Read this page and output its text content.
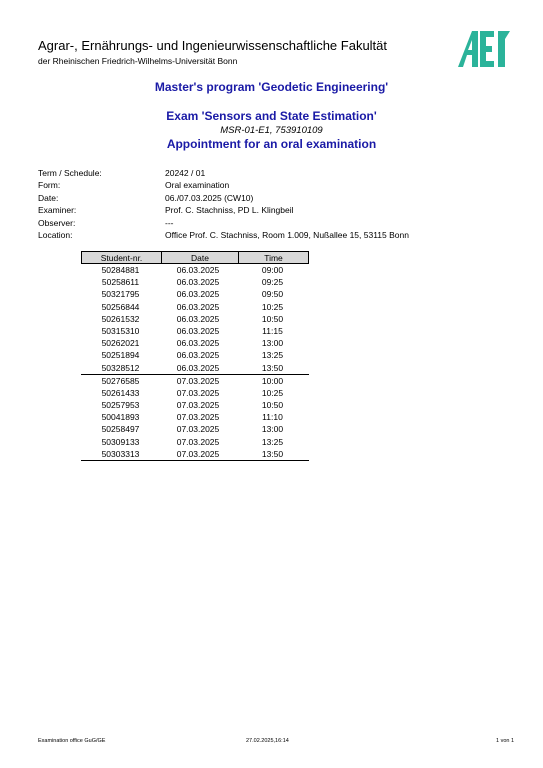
Agrar-, Ernährungs- und Ingenieurwissenschaftliche Fakultät
der Rheinischen Friedrich-Wilhelms-Universität Bonn
Master's program 'Geodetic Engineering'
Exam 'Sensors and State Estimation'
MSR-01-E1, 753910109
Appointment for an oral examination
Term / Schedule:	20242 / 01
Form:	Oral examination
Date:	06./07.03.2025 (CW10)
Examiner:	Prof. C. Stachniss, PD L. Klingbeil
Observer:	---
Location:	Office Prof. C. Stachniss, Room 1.009, Nußallee 15, 53115 Bonn
Student-nr.	Date	Time
50284881	06.03.2025	09:00
50258611	06.03.2025	09:25
50321795	06.03.2025	09:50
50256844	06.03.2025	10:25
50261532	06.03.2025	10:50
50315310	06.03.2025	11:15
50262021	06.03.2025	13:00
50251894	06.03.2025	13:25
50328512	06.03.2025	13:50
50276585	07.03.2025	10:00
50261433	07.03.2025	10:25
50257953	07.03.2025	10:50
50041893	07.03.2025	11:10
50258497	07.03.2025	13:00
50309133	07.03.2025	13:25
50303313	07.03.2025	13:50
Examination office GuG/GE	27.02.2025,16:14	1 von 1
